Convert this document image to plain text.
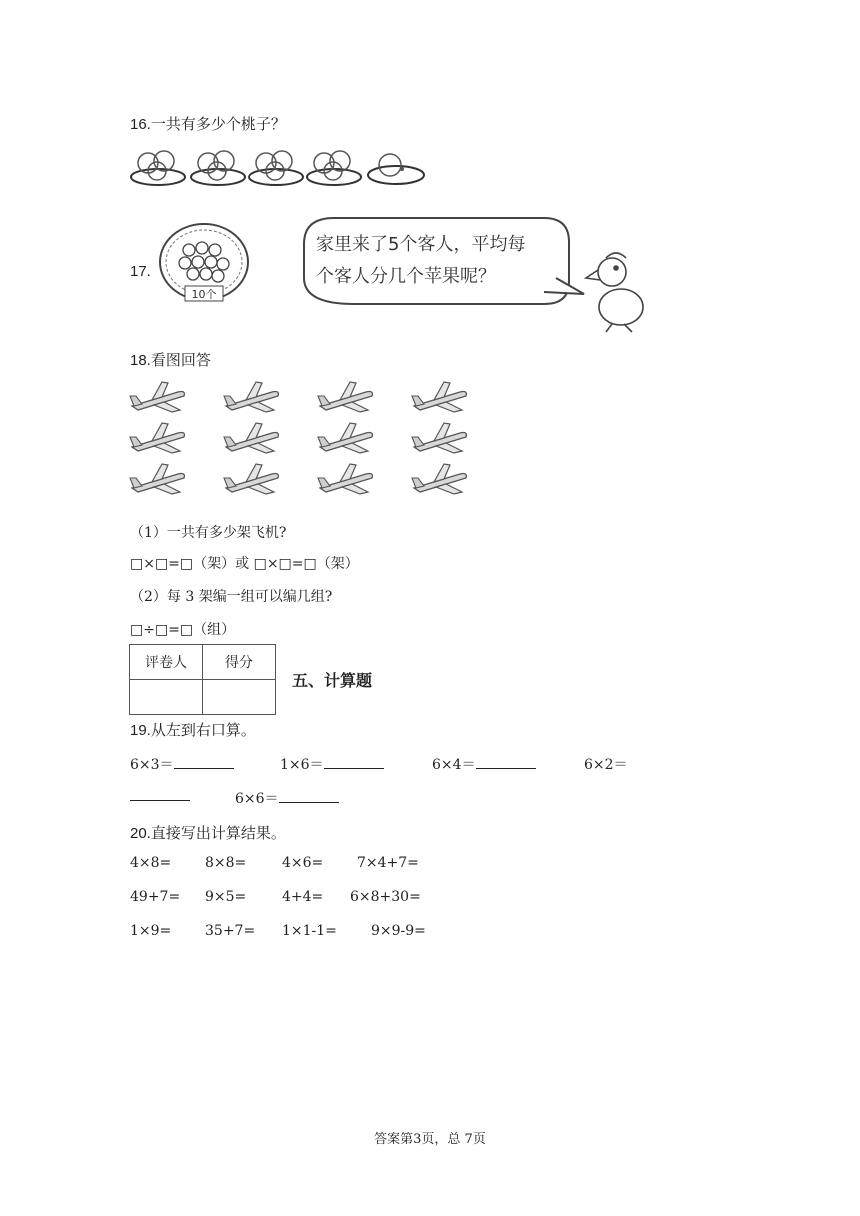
16.一共有多少个桃子？
17.
10个
家里来了5个客人，平均每
个客人分几个苹果呢？
18.看图回答
（1）一共有多少架飞机?
□×□=□（架）或 □×□=□（架）
（2）每 3 架编一组可以编几组?
□÷□=□（组）
评卷人	得分

五、计算题
19.从左到右口算。
6×3＝	1×6＝	6×4＝	6×2＝
6×6＝
20.直接写出计算结果。
4×8= 8×8=	4×6= 7×4+7=
49+7= 9×5=	4+4= 6×8+30=
1×9= 35+7= 1×1-1= 9×9-9=
答案第3页，总 7页
